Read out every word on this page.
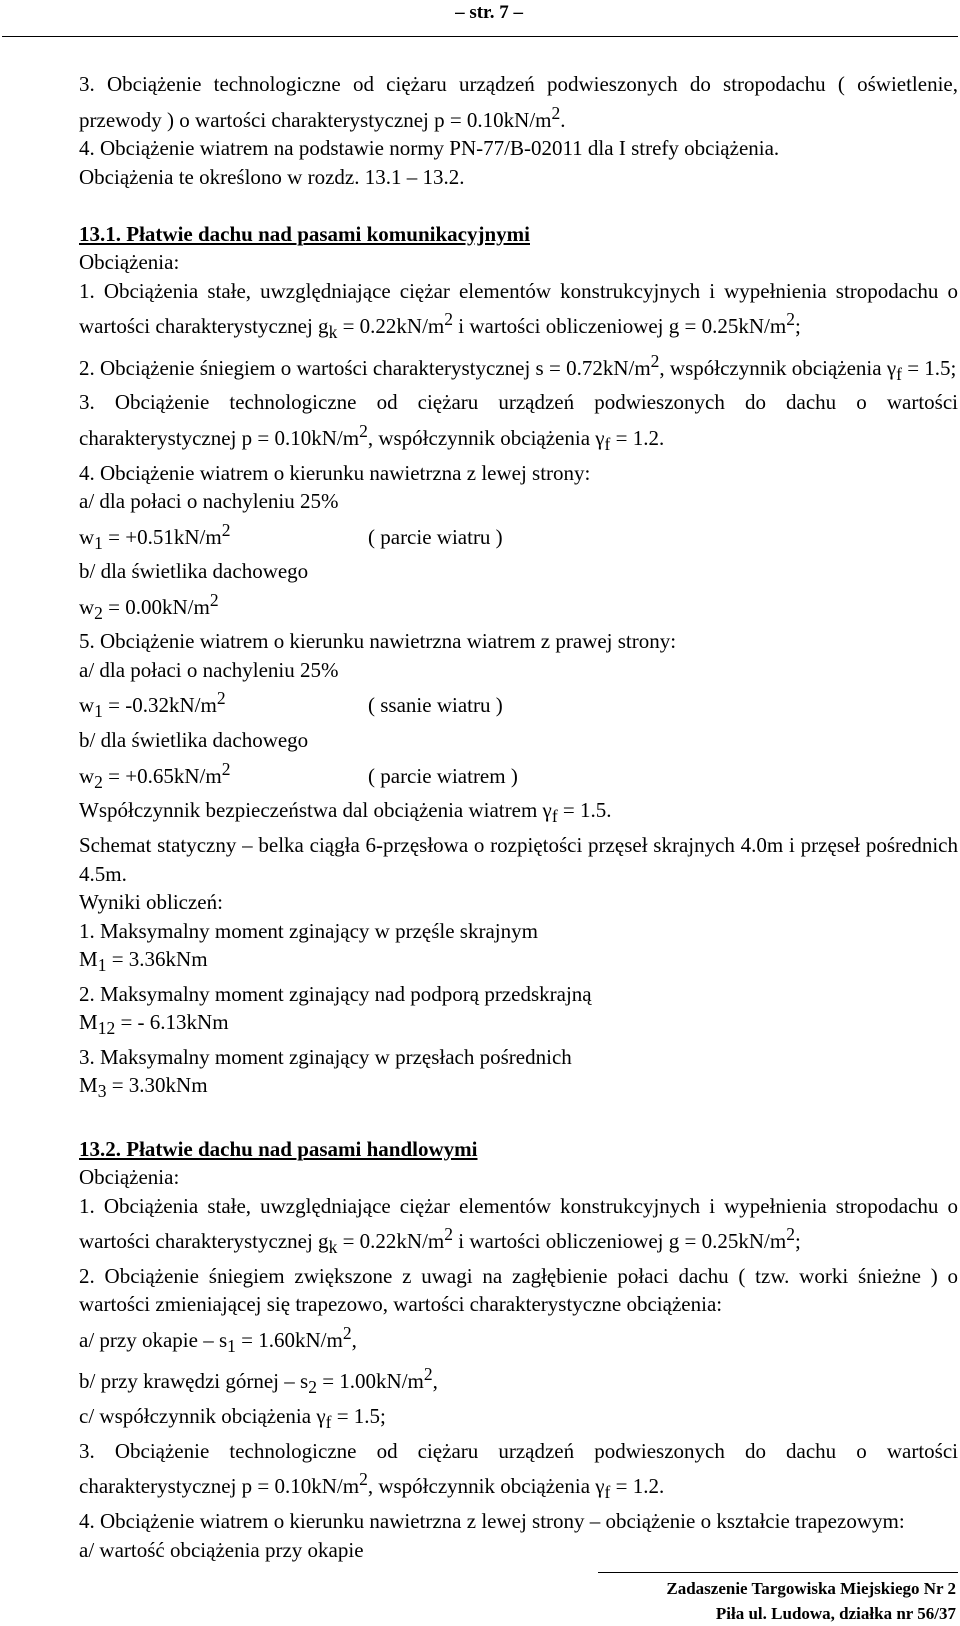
– str. 7 –

3. Obciążenie technologiczne od ciężaru urządzeń podwieszonych do stropodachu ( oświetlenie, przewody ) o wartości charakterystycznej $p = 0.10kN/m^2$.

4. Obciążenie wiatrem na podstawie normy PN-77/B-02011 dla I strefy obciążenia.

Obciążenia te określono w rozdz. 13.1 – 13.2.

13.1. Płatwie dachu nad pasami komunikacyjnymi

Obciążenia:

1. Obciążenia stałe, uwzględniające ciężar elementów konstrukcyjnych i wypełnienia stropodachu o wartości charakterystycznej $g_k = 0.22kN/m^2$ i wartości obliczeniowej $g = 0.25kN/m^2$;

2. Obciążenie śniegiem o wartości charakterystycznej $s = 0.72kN/m^2$, współczynnik obciążenia $\gamma_f = 1.5$;

3. Obciążenie technologiczne od ciężaru urządzeń podwieszonych do dachu o wartości charakterystycznej $p = 0.10kN/m^2$, współczynnik obciążenia $\gamma_f = 1.2$.

4. Obciążenie wiatrem o kierunku nawietrzna z lewej strony:

a/ dla połaci o nachyleniu 25%

$w_1 = +0.51kN/m^2$	( parcie wiatru )

b/ dla świetlika dachowego

$w_2 = 0.00kN/m^2$

5. Obciążenie wiatrem o kierunku nawietrzna wiatrem z prawej strony:

a/ dla połaci o nachyleniu 25%

$w_1 = -0.32kN/m^2$	( ssanie wiatru )

b/ dla świetlika dachowego

$w_2 = +0.65kN/m^2$	( parcie wiatrem )

Współczynnik bezpieczeństwa dal obciążenia wiatrem $\gamma_f = 1.5$.

Schemat statyczny – belka ciągła 6-przęsłowa o rozpiętości przęseł skrajnych 4.0m i przęseł pośrednich 4.5m.

Wyniki obliczeń:

1. Maksymalny moment zginający w przęśle skrajnym

$M_1 = 3.36kNm$

2. Maksymalny moment zginający nad podporą przedskrajną

$M_{12}$ = - 6.13kNm

3. Maksymalny moment zginający w przęsłach pośrednich

$M_3 = 3.30kNm$

13.2. Płatwie dachu nad pasami handlowymi

Obciążenia:

1. Obciążenia stałe, uwzględniające ciężar elementów konstrukcyjnych i wypełnienia stropodachu o wartości charakterystycznej $g_k = 0.22kN/m^2$ i wartości obliczeniowej $g = 0.25kN/m^2$;

2. Obciążenie śniegiem zwiększone z uwagi na zagłębienie połaci dachu ( tzw. worki śnieżne ) o wartości zmieniającej się trapezowo, wartości charakterystyczne obciążenia:

a/ przy okapie – $s_1 = 1.60kN/m^2$,

b/ przy krawędzi górnej – $s_2 = 1.00kN/m^2$,

c/ współczynnik obciążenia $\gamma_f = 1.5$;

3. Obciążenie technologiczne od ciężaru urządzeń podwieszonych do dachu o wartości charakterystycznej $p = 0.10kN/m^2$, współczynnik obciążenia $\gamma_f = 1.2$.

4. Obciążenie wiatrem o kierunku nawietrzna z lewej strony – obciążenie o kształcie trapezowym:

a/ wartość obciążenia przy okapie

Zadaszenie Targowiska Miejskiego Nr 2
Piła ul. Ludowa, działka nr 56/37
